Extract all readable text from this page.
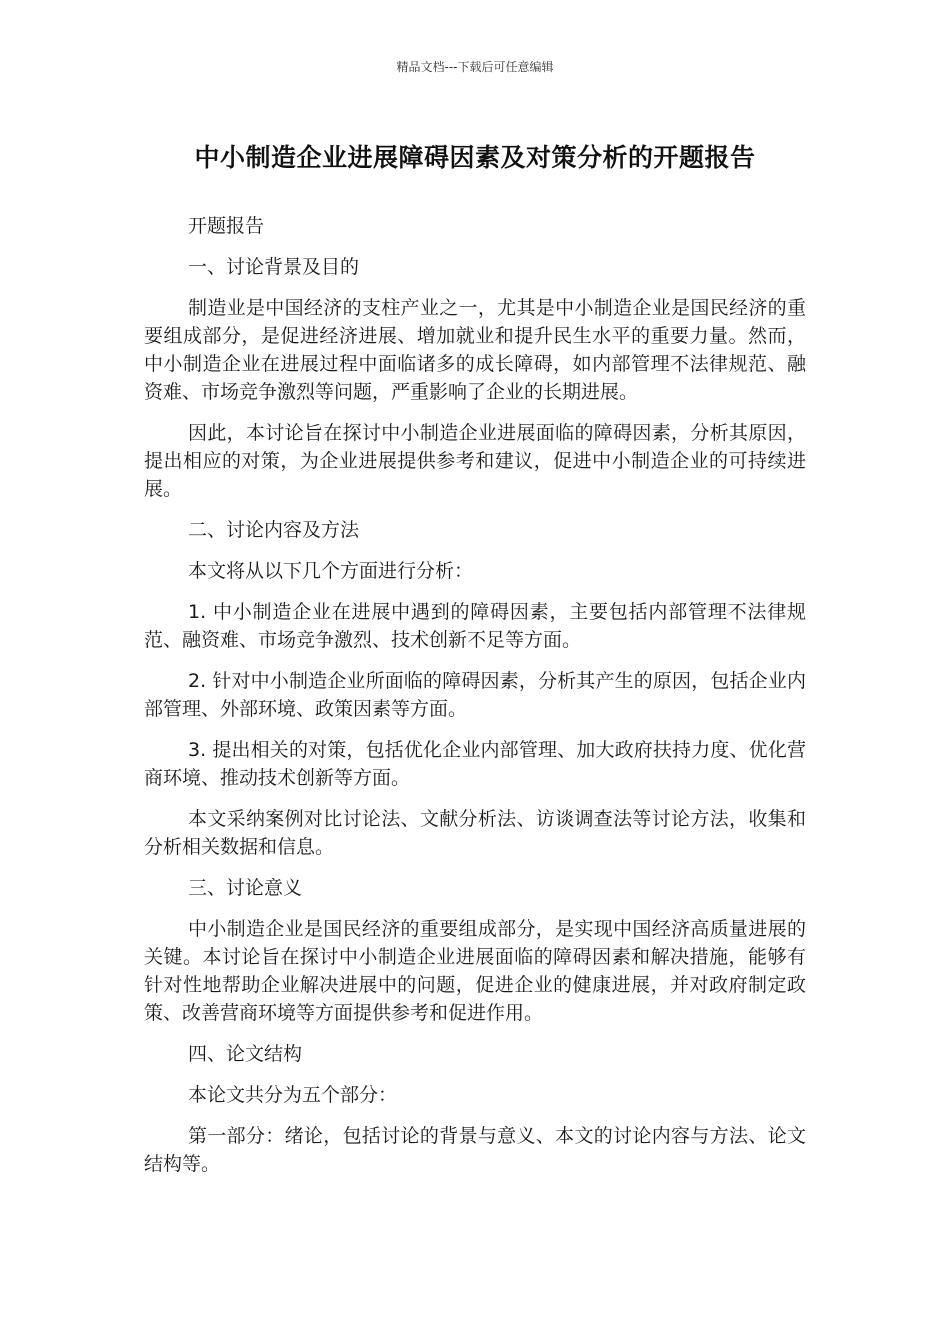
精品文档---下载后可任意编辑
中小制造企业进展障碍因素及对策分析的开题报告

开题报告

一、讨论背景及目的

制造业是中国经济的支柱产业之一，尤其是中小制造企业是国民经济的重要组成部分，是促进经济进展、增加就业和提升民生水平的重要力量。然而，中小制造企业在进展过程中面临诸多的成长障碍，如内部管理不法律规范、融资难、市场竞争激烈等问题，严重影响了企业的长期进展。

因此，本讨论旨在探讨中小制造企业进展面临的障碍因素，分析其原因，提出相应的对策，为企业进展提供参考和建议，促进中小制造企业的可持续进展。

二、讨论内容及方法

本文将从以下几个方面进行分析：

1. 中小制造企业在进展中遇到的障碍因素，主要包括内部管理不法律规范、融资难、市场竞争激烈、技术创新不足等方面。

2. 针对中小制造企业所面临的障碍因素，分析其产生的原因，包括企业内部管理、外部环境、政策因素等方面。

3. 提出相关的对策，包括优化企业内部管理、加大政府扶持力度、优化营商环境、推动技术创新等方面。

本文采纳案例对比讨论法、文献分析法、访谈调查法等讨论方法，收集和分析相关数据和信息。

三、讨论意义

中小制造企业是国民经济的重要组成部分，是实现中国经济高质量进展的关键。本讨论旨在探讨中小制造企业进展面临的障碍因素和解决措施，能够有针对性地帮助企业解决进展中的问题，促进企业的健康进展，并对政府制定政策、改善营商环境等方面提供参考和促进作用。

四、论文结构

本论文共分为五个部分：

第一部分：绪论，包括讨论的背景与意义、本文的讨论内容与方法、论文结构等。
